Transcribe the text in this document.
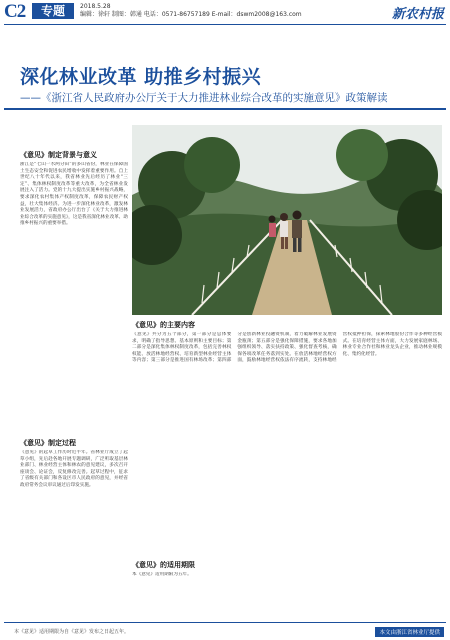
C2	专题	2018.5.28
编辑：徐轩 制图：韩通 电话：0571-86757189 E-mail：dswm2008@163.com	新农村报
深化林业改革 助推乡村振兴
——《浙江省人民政府办公厅关于大力推进林业综合改革的实施意见》政策解读
《意见》制定背景与意义
浙江是“七山一水两分田”的多山省份，林业在保障国土生态安全和促进农民增收中发挥着重要作用。自上世纪八十年代以来，我省林业先后经历了林业“三定”、集体林权制度改革等重大改革，为全省林业发展注入了活力。党的十九大提出实施乡村振兴战略，要求深化农村集体产权制度改革，保障农民财产权益，壮大集体经济。为进一步深化林业改革，激发林业发展活力，省政府办公厅出台了《关于大力推进林业综合改革的实施意见》，这是我省深化林业改革、助推乡村振兴的重要举措。
《意见》制定过程
《意见》的起草工作历时近半年。省林业厅成立了起草小组，先后赴各地开展专题调研，广泛听取基层林业部门、林业经营主体和林农的意见建议，多次召开座谈会、论证会，反复修改完善。起草过程中，征求了省级有关部门和各设区市人民政府的意见，并经省政府常务会议审议通过后印发实施。
《意见》的主要内容
《意见》共分为五个部分，第一部分是总体要求，明确了指导思想、基本原则和主要目标；第二部分是深化集体林权制度改革，包括完善林权权能、放活林地经营权、培育新型林业经营主体等内容；第三部分是推进国有林场改革；第四部分是创新林业投融资机制，着力破解林业发展资金瓶颈；第五部分是强化保障措施，要求各地加强组织领导、落实扶持政策、强化督查考核，确保各项改革任务落到实处。在放活林地经营权方面，鼓励林地经营权依法有序流转，支持林地经营权抵押担保，探索林地股份合作等多种经营模式。在培育经营主体方面，大力发展家庭林场、林业专业合作社和林业龙头企业，推动林业规模化、集约化经营。
《意见》的适用期限
本《意见》适用期限为五年。
本《意见》适用期限为自《意见》发布之日起五年。	本文由浙江省林业厅提供
